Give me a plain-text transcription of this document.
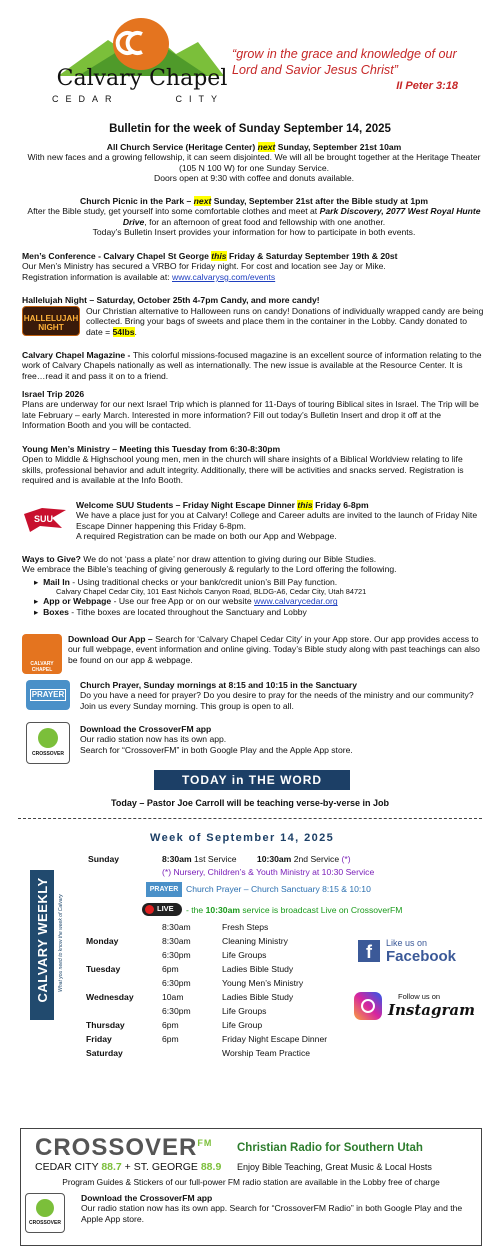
Calvary Chapel
CEDAR      CITY
“grow in the grace and knowledge of our Lord and Savior Jesus Christ”
II Peter 3:18
Bulletin for the week of Sunday September 14, 2025
All Church Service (Heritage Center) next Sunday, September 21st 10am
With new faces and a growing fellowship, it can seem disjointed. We will all be brought together at the Heritage Theater (105 N 100 W) for one Sunday Service.
Doors open at 9:30 with coffee and donuts available.
Church Picnic in the Park – next Sunday, September 21st after the Bible study at 1pm
After the Bible study, get yourself into some comfortable clothes and meet at Park Discovery, 2077 West Royal Hunte Drive, for an afternoon of great food and fellowship with one another.
Today’s Bulletin Insert provides your information for how to participate in both events.
Men’s Conference - Calvary Chapel St George this Friday & Saturday September 19th & 20st
Our Men’s Ministry has secured a VRBO for Friday night. For cost and location see Jay or Mike.
Registration information is available at: www.calvarysg.com/events
Hallelujah Night – Saturday, October 25th 4-7pm Candy, and more candy!
HALLELUJAH NIGHT
Our Christian alternative to Halloween runs on candy! Donations of individually wrapped candy are being collected. Bring your bags of sweets and place them in the container in the Lobby. Candy donated to date = 54lbs.
Calvary Chapel Magazine - This colorful missions-focused magazine is an excellent source of information relating to the work of Calvary Chapels nationally as well as internationally. The new issue is available at the Resource Center. It is free…read it and pass it on to a friend.
Israel Trip 2026
Plans are underway for our next Israel Trip which is planned for 11-Days of touring Biblical sites in Israel. The Trip will be late February – early March. Interested in more information? Fill out today’s Bulletin Insert and drop it off at the Information Booth and you will be contacted.
Young Men’s Ministry – Meeting this Tuesday from 6:30-8:30pm
Open to Middle & Highschool young men, men in the church will share insights of a Biblical Worldview relating to life skills, professional behavior and adult integrity. Additionally, there will be activities and snacks served. Registration is required and is available at the Info Booth.
SUU
Welcome SUU Students – Friday Night Escape Dinner this Friday 6-8pm
We have a place just for you at Calvary! College and Career adults are invited to the launch of Friday Nite Escape Dinner happening this Friday 6-8pm.
A required Registration can be made on both our App and Webpage.
Ways to Give? We do not ‘pass a plate’ nor draw attention to giving during our Bible Studies.
We embrace the Bible’s teaching of giving generously & regularly to the Lord offering the following.
▸  Mail In - Using traditional checks or your bank/credit union’s Bill Pay function.
Calvary Chapel Cedar City, 101 East Nichols Canyon Road, BLDG-A6, Cedar City, Utah 84721
▸  App or Webpage - Use our free App or on our website www.calvarycedar.org
▸  Boxes - Tithe boxes are located throughout the Sanctuary and Lobby
CALVARY CHAPEL
Download Our App – Search for ‘Calvary Chapel Cedar City’ in your App store. Our app provides access to our full webpage, event information and online giving. Today’s Bible study along with past teachings can also be found on our app & webpage.
PRAYER
Church Prayer, Sunday mornings at 8:15 and 10:15 in the Sanctuary
Do you have a need for prayer? Do you desire to pray for the needs of the ministry and our community? Join us every Sunday morning. This group is open to all.
CROSSOVER
Download the CrossoverFM app
Our radio station now has its own app.
Search for “CrossoverFM” in both Google Play and the Apple App store.
TODAY in THE WORD
Today – Pastor Joe Carroll will be teaching verse-by-verse in Job
CALVARY WEEKLY What you need to know the week of Calvary
Week of September 14, 2025
Sunday	8:30am 1st Service 10:30am 2nd Service (*)
(*) Nursery, Children’s & Youth Ministry at 10:30 Service
PRAYER Church Prayer – Church Sanctuary 8:15 & 10:10
LIVE - the 10:30am service is broadcast Live on CrossoverFM
	8:30am	Fresh Steps
Monday	8:30am	Cleaning Ministry
	6:30pm	Life Groups
Tuesday	6pm	Ladies Bible Study
	6:30pm	Young Men’s Ministry
Wednesday	10am	Ladies Bible Study
	6:30pm	Life Groups
Thursday	6pm	Life Group
Friday	6pm	Friday Night Escape Dinner
Saturday		Worship Team Practice
f	Like us on
Facebook
Follow us on
Instagram
$CROSSOVER^{FM}$
CEDAR CITY 88.7 + ST. GEORGE 88.9
Christian Radio for Southern Utah
Enjoy Bible Teaching, Great Music & Local Hosts
Program Guides & Stickers of our full-power FM radio station are available in the Lobby free of charge
CROSSOVER
Download the CrossoverFM app
Our radio station now has its own app. Search for “CrossoverFM Radio” in both Google Play and the Apple App store.
